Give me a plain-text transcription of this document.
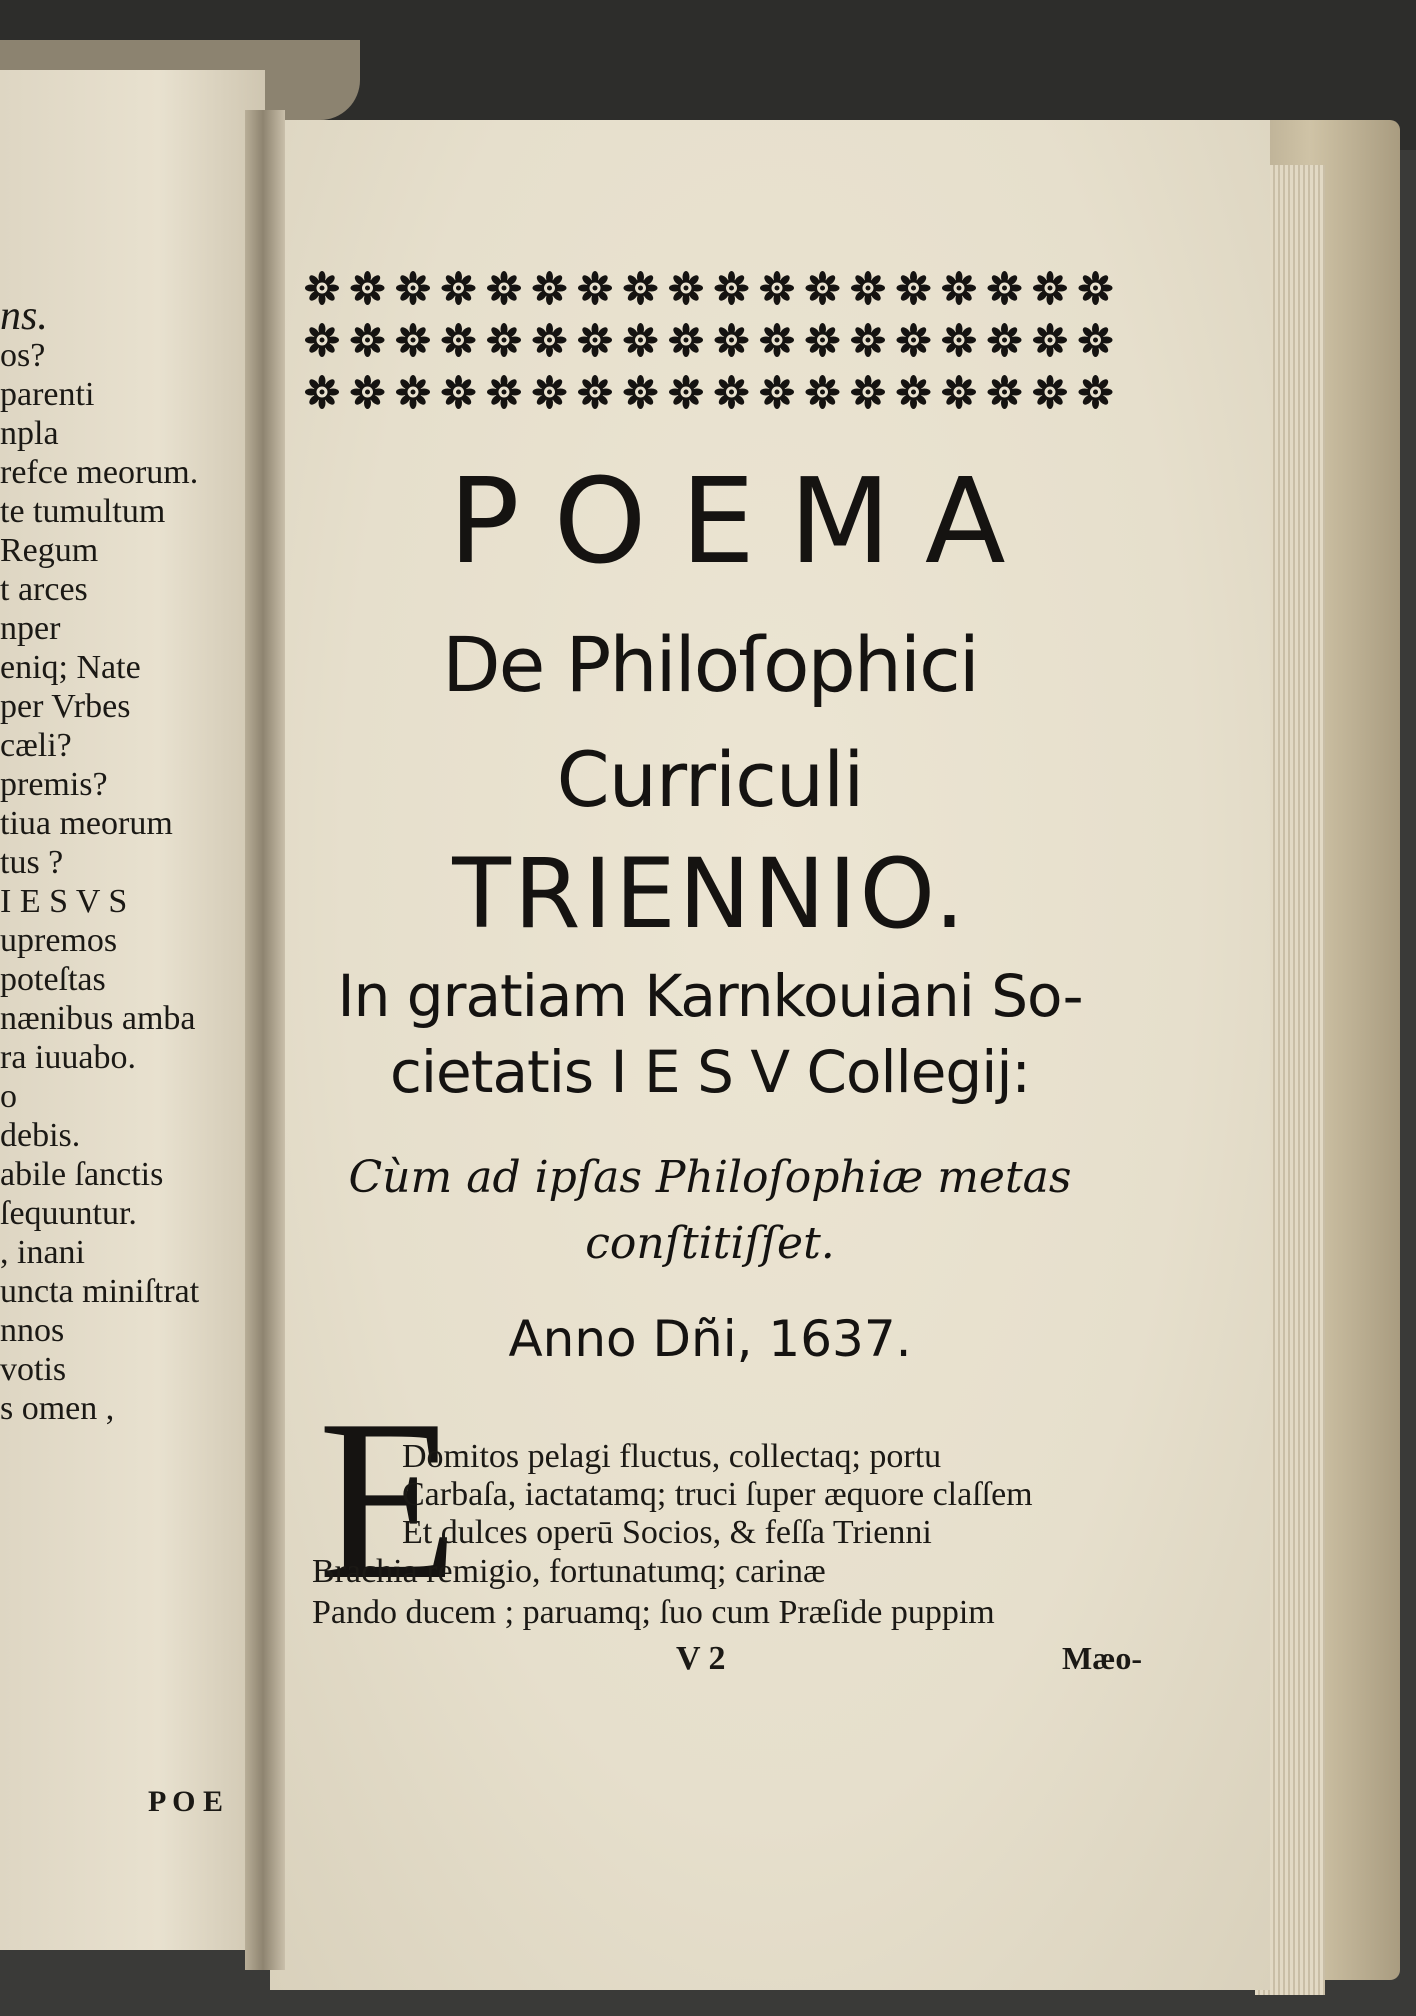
ns.
os?
parenti
npla
refce meorum.
te tumultum
Regum
t arces
nper
eniq; Nate
per Vrbes
cæli?
premis?
tiua meorum
tus ?
I E S V S
upremos
poteſtas
nænibus amba
ra iuuabo.
o
debis.
abile ſanctis
ſequuntur.
, inani
uncta miniſtrat
nnos
votis
s omen ,
P O E
POEMA
De Philoſophici
Curriculi
TRIENNIO.
In gratiam Karnkouiani So-
cietatis I E S V Collegij:
Cùm ad ipſas Philoſophiæ metas
conſtitiſſet.
Anno Dñi, 1637.
E
Domitos pelagi fluctus, collectaq; portu
Carbaſa, iactatamq; truci ſuper æquore claſſem
Et dulces operū Socios, & feſſa Trienni
Brachia remigio, fortunatumq; carinæ
Pando ducem ; paruamq; ſuo cum Præſide puppim
V 2	Mæo-
